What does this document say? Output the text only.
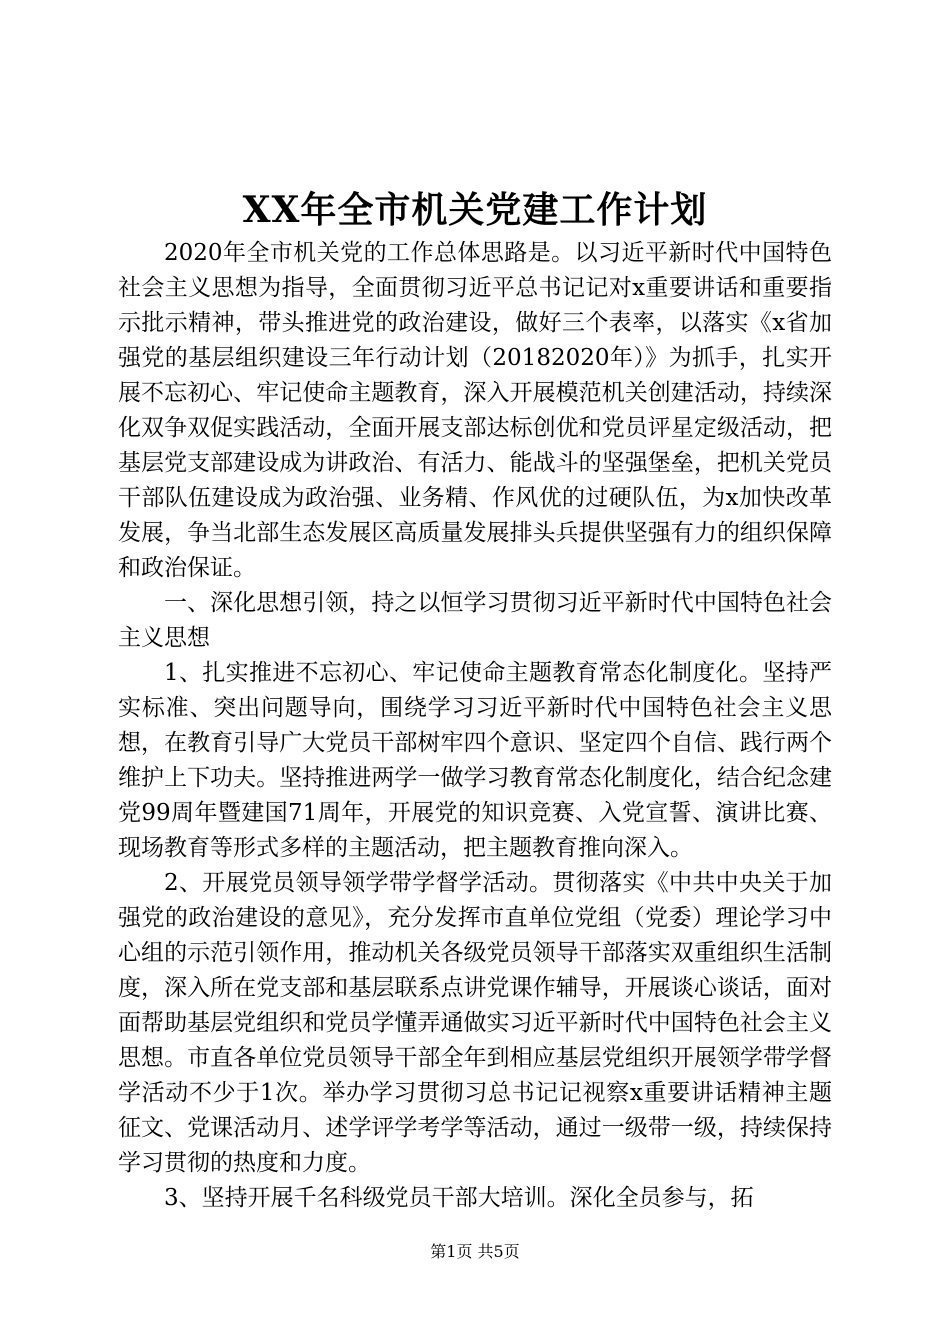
XX年全市机关党建工作计划

2020年全市机关党的工作总体思路是。以习近平新时代中国特色社会主义思想为指导，全面贯彻习近平总书记记对x重要讲话和重要指示批示精神，带头推进党的政治建设，做好三个表率，以落实《x省加强党的基层组织建设三年行动计划（20182020年）》为抓手，扎实开展不忘初心、牢记使命主题教育，深入开展模范机关创建活动，持续深化双争双促实践活动，全面开展支部达标创优和党员评星定级活动，把基层党支部建设成为讲政治、有活力、能战斗的坚强堡垒，把机关党员干部队伍建设成为政治强、业务精、作风优的过硬队伍，为x加快改革发展，争当北部生态发展区高质量发展排头兵提供坚强有力的组织保障和政治保证。

一、深化思想引领，持之以恒学习贯彻习近平新时代中国特色社会主义思想

1、扎实推进不忘初心、牢记使命主题教育常态化制度化。坚持严实标准、突出问题导向，围绕学习习近平新时代中国特色社会主义思想，在教育引导广大党员干部树牢四个意识、坚定四个自信、践行两个维护上下功夫。坚持推进两学一做学习教育常态化制度化，结合纪念建党99周年暨建国71周年，开展党的知识竞赛、入党宣誓、演讲比赛、现场教育等形式多样的主题活动，把主题教育推向深入。

2、开展党员领导领学带学督学活动。贯彻落实《中共中央关于加强党的政治建设的意见》，充分发挥市直单位党组（党委）理论学习中心组的示范引领作用，推动机关各级党员领导干部落实双重组织生活制度，深入所在党支部和基层联系点讲党课作辅导，开展谈心谈话，面对面帮助基层党组织和党员学懂弄通做实习近平新时代中国特色社会主义思想。市直各单位党员领导干部全年到相应基层党组织开展领学带学督学活动不少于1次。举办学习贯彻习总书记记视察x重要讲话精神主题征文、党课活动月、述学评学考学等活动，通过一级带一级，持续保持学习贯彻的热度和力度。

3、坚持开展千名科级党员干部大培训。深化全员参与，拓

第1页 共5页
